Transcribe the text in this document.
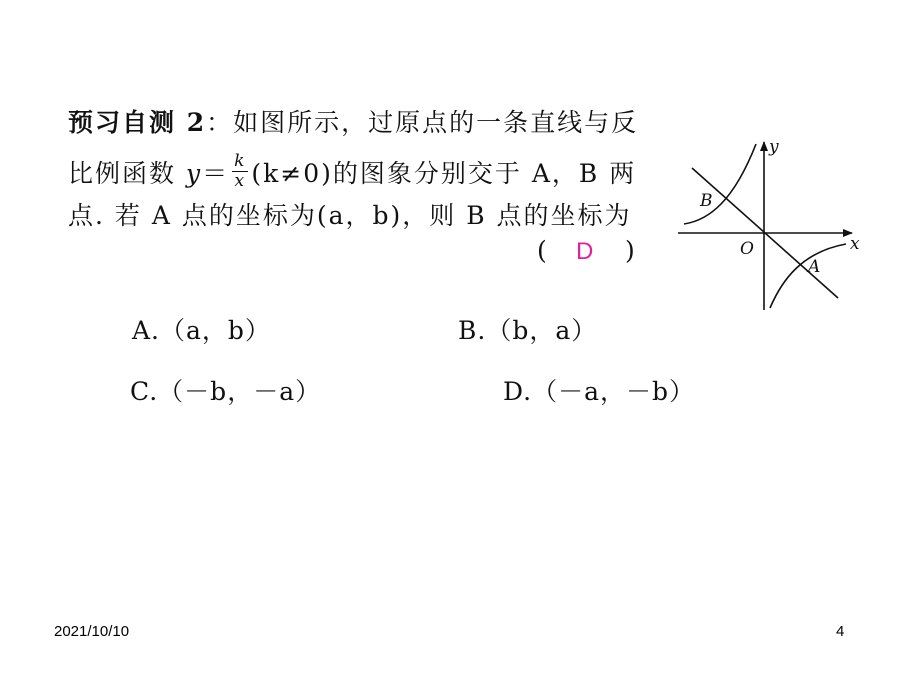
预习自测 2：如图所示，过原点的一条直线与反
比例函数 $y= \frac{k}{x} (k\ne 0)$的图象分别交于 A，B 两
点. 若 A 点的坐标为(a，b)，则 B 点的坐标为
( D )
A.（a，b）	B.（b，a）
C.（－b，－a）	D.（－a，－b）
y
x
O
A
B
2021/10/10	4
